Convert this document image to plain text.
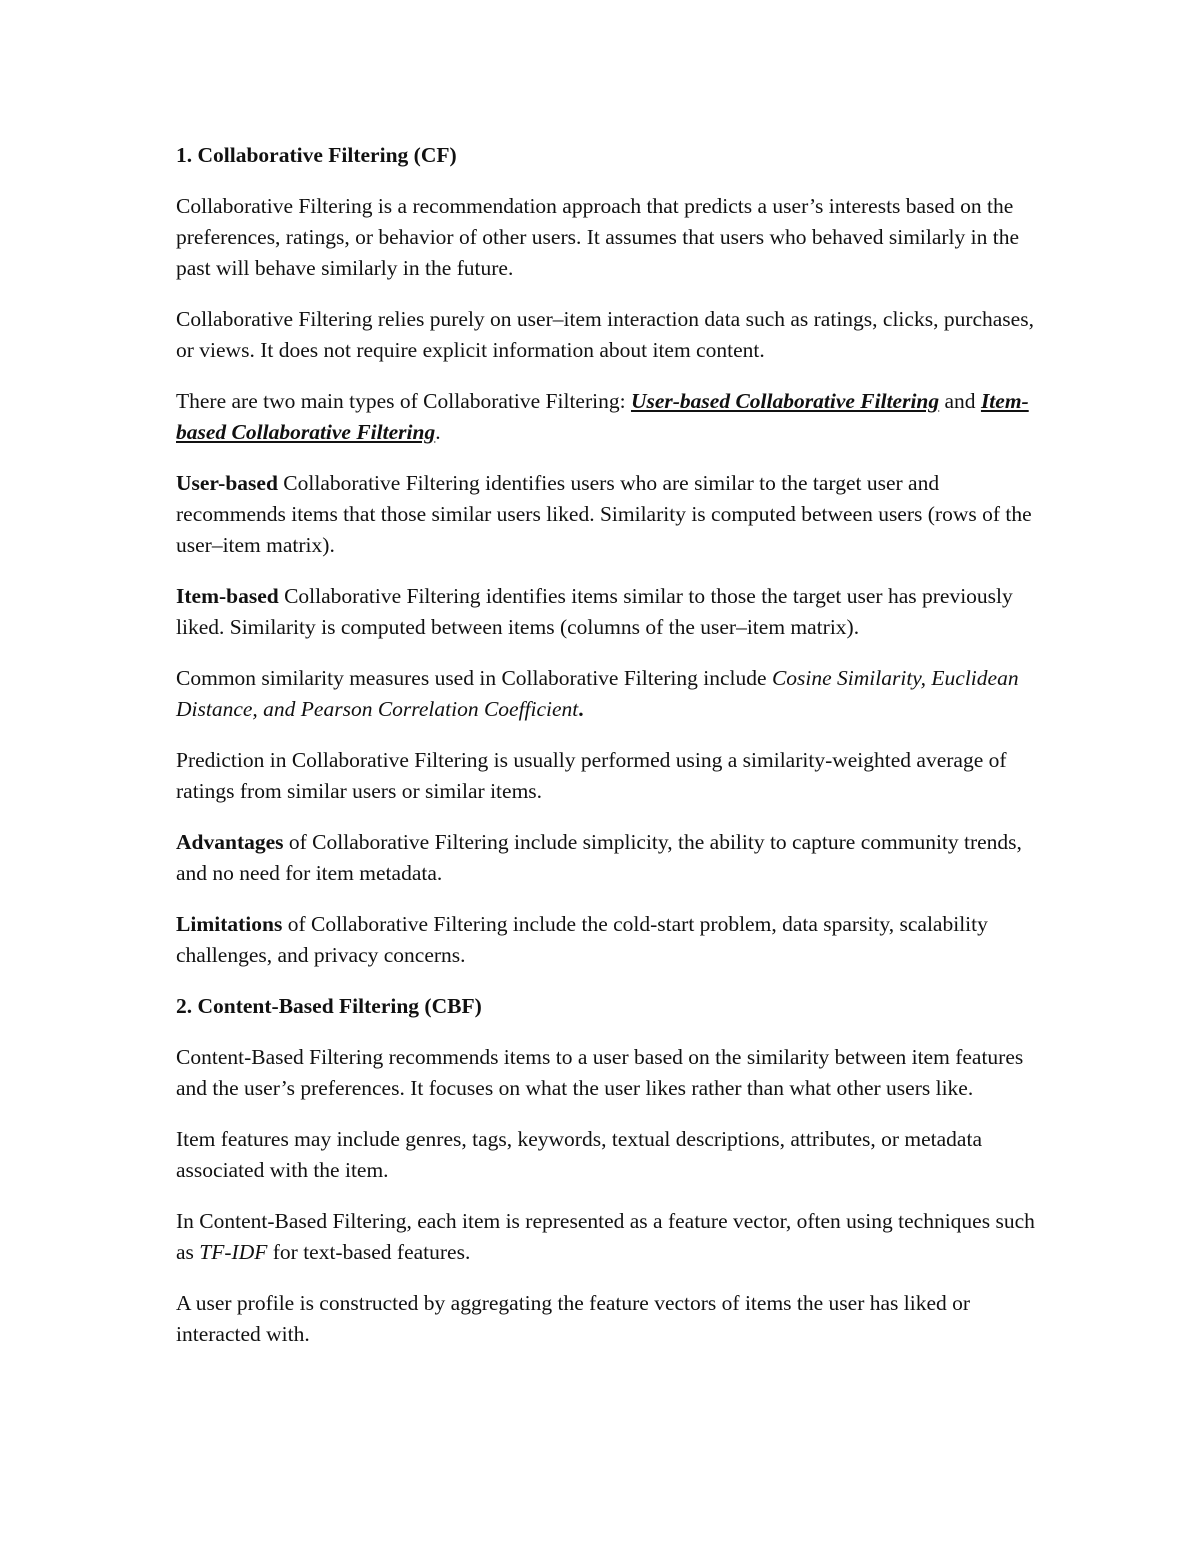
1. Collaborative Filtering (CF)

Collaborative Filtering is a recommendation approach that predicts a user’s interests based on the preferences, ratings, or behavior of other users. It assumes that users who behaved similarly in the past will behave similarly in the future.

Collaborative Filtering relies purely on user–item interaction data such as ratings, clicks, purchases, or views. It does not require explicit information about item content.

There are two main types of Collaborative Filtering: User-based Collaborative Filtering and Item-based Collaborative Filtering.

User-based Collaborative Filtering identifies users who are similar to the target user and recommends items that those similar users liked. Similarity is computed between users (rows of the user–item matrix).

Item-based Collaborative Filtering identifies items similar to those the target user has previously liked. Similarity is computed between items (columns of the user–item matrix).

Common similarity measures used in Collaborative Filtering include Cosine Similarity, Euclidean Distance, and Pearson Correlation Coefficient.

Prediction in Collaborative Filtering is usually performed using a similarity-weighted average of ratings from similar users or similar items.

Advantages of Collaborative Filtering include simplicity, the ability to capture community trends, and no need for item metadata.

Limitations of Collaborative Filtering include the cold-start problem, data sparsity, scalability challenges, and privacy concerns.

2. Content-Based Filtering (CBF)

Content-Based Filtering recommends items to a user based on the similarity between item features and the user’s preferences. It focuses on what the user likes rather than what other users like.

Item features may include genres, tags, keywords, textual descriptions, attributes, or metadata associated with the item.

In Content-Based Filtering, each item is represented as a feature vector, often using techniques such as TF-IDF for text-based features.

A user profile is constructed by aggregating the feature vectors of items the user has liked or interacted with.
